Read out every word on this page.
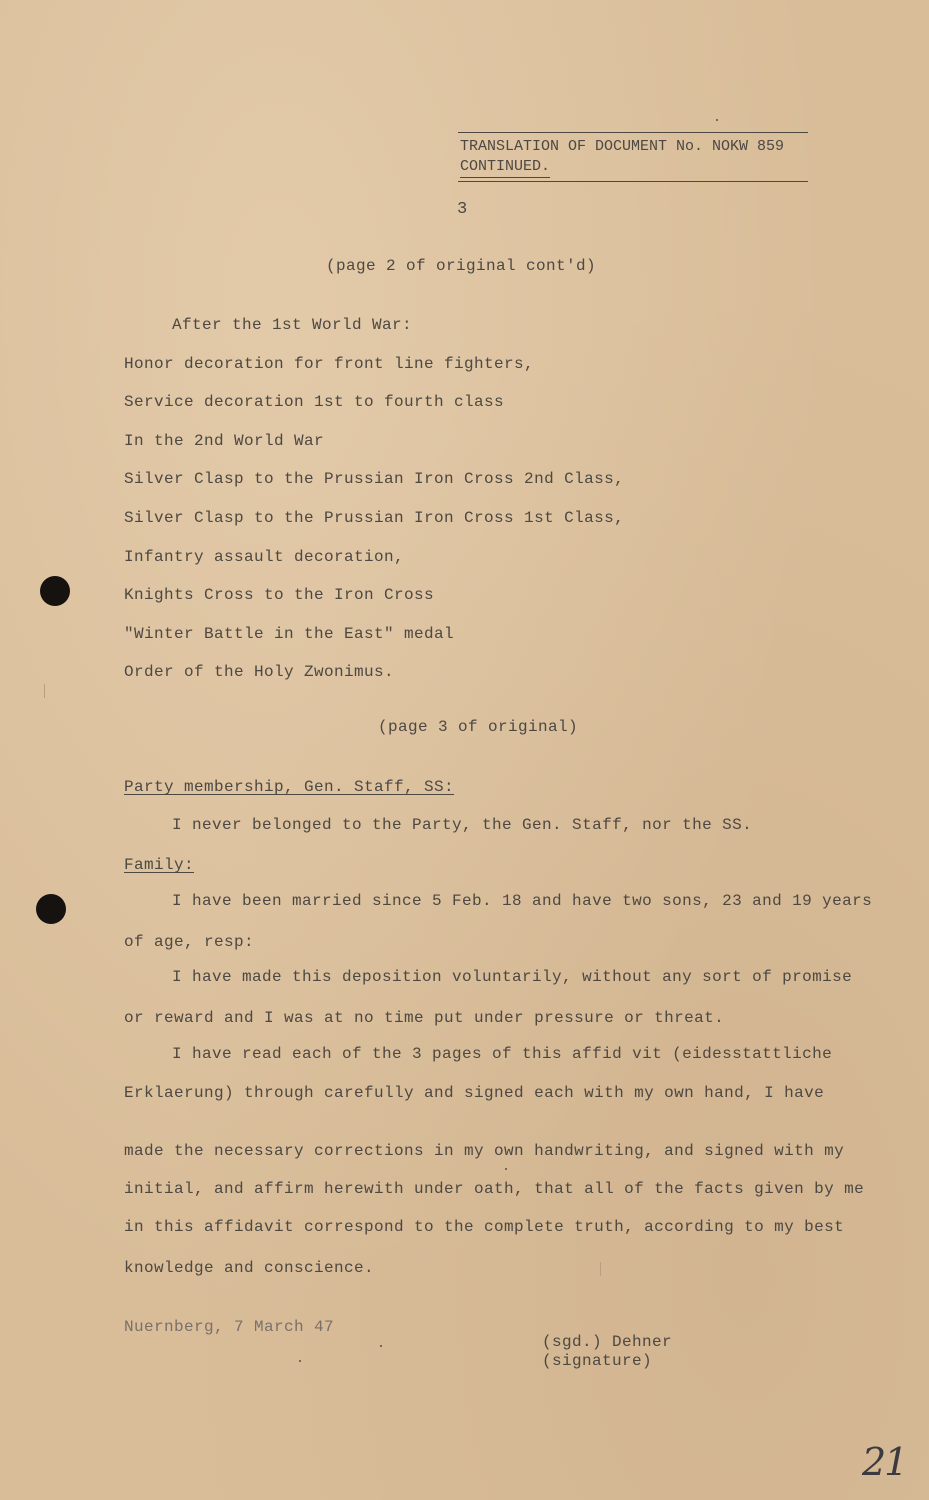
TRANSLATION OF DOCUMENT No. NOKW 859
CONTINUED.
3
(page 2 of original cont'd)
After the 1st World War:
Honor decoration for front line fighters,
Service decoration 1st to fourth class
In the 2nd World War
Silver Clasp to the Prussian Iron Cross 2nd Class,
Silver Clasp to the Prussian Iron Cross 1st Class,
Infantry assault decoration,
Knights Cross to the Iron Cross
"Winter Battle in the East" medal
Order of the Holy Zwonimus.
(page 3 of original)
Party membership, Gen. Staff, SS:
I never belonged to the Party, the Gen. Staff, nor the SS.
Family:
I have been married since 5 Feb. 18 and have two sons, 23 and 19 years
of age, resp:
I have made this deposition voluntarily, without any sort of promise
or reward and I was at no time put under pressure or threat.
I have read each of the 3 pages of this affid vit (eidesstattliche
Erklaerung) through carefully and signed each with my own hand, I have
made the necessary corrections in my own handwriting, and signed with my
initial, and affirm herewith under oath, that all of the facts given by me
in this affidavit correspond to the complete truth, according to my best
knowledge and conscience.
Nuernberg, 7 March 47
(sgd.) Dehner
(signature)
21
